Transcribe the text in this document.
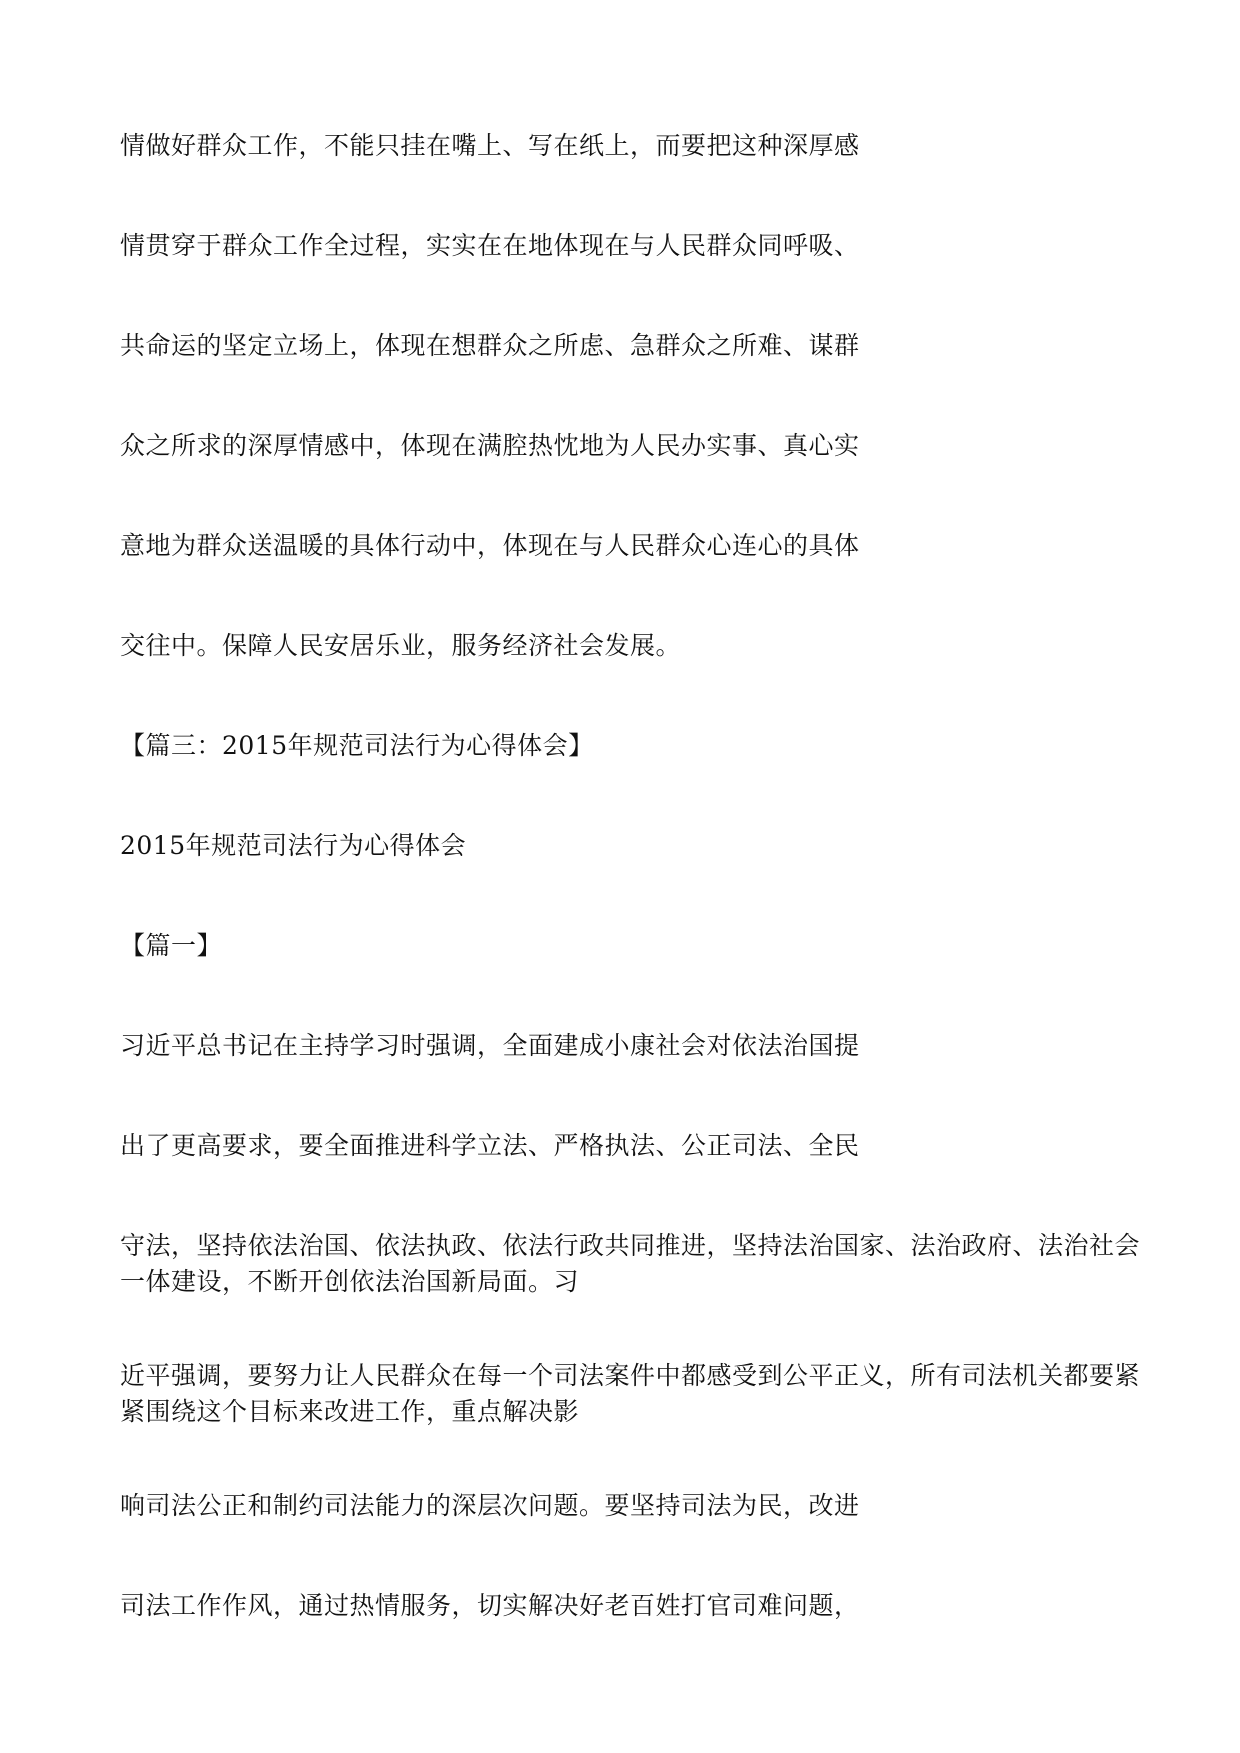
情做好群众工作，不能只挂在嘴上、写在纸上，而要把这种深厚感

情贯穿于群众工作全过程，实实在在地体现在与人民群众同呼吸、

共命运的坚定立场上，体现在想群众之所虑、急群众之所难、谋群

众之所求的深厚情感中，体现在满腔热忱地为人民办实事、真心实

意地为群众送温暖的具体行动中，体现在与人民群众心连心的具体

交往中。保障人民安居乐业，服务经济社会发展。

【篇三：2015年规范司法行为心得体会】

2015年规范司法行为心得体会

【篇一】

习近平总书记在主持学习时强调，全面建成小康社会对依法治国提

出了更高要求，要全面推进科学立法、严格执法、公正司法、全民

守法，坚持依法治国、依法执政、依法行政共同推进，坚持法治国家、法治政府、法治社会
一体建设，不断开创依法治国新局面。习
近平强调，要努力让人民群众在每一个司法案件中都感受到公平正义，所有司法机关都要紧
紧围绕这个目标来改进工作，重点解决影

响司法公正和制约司法能力的深层次问题。要坚持司法为民，改进

司法工作作风，通过热情服务，切实解决好老百姓打官司难问题，
